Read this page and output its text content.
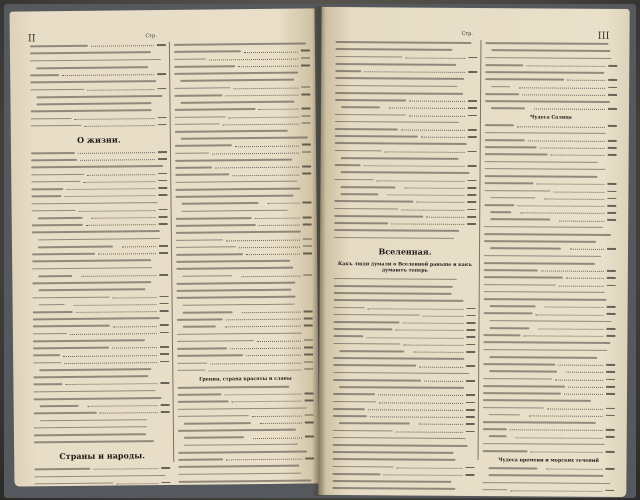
II	Стр.
О жизни.
Страны и народы.
Греция, страна красоты и славы
III
Стр.
Вселенная.
Какъ люди думали о Вселенной раньше и какъ думаютъ теперь
Чудеса Солнца
Чудеса времени и морских течений
